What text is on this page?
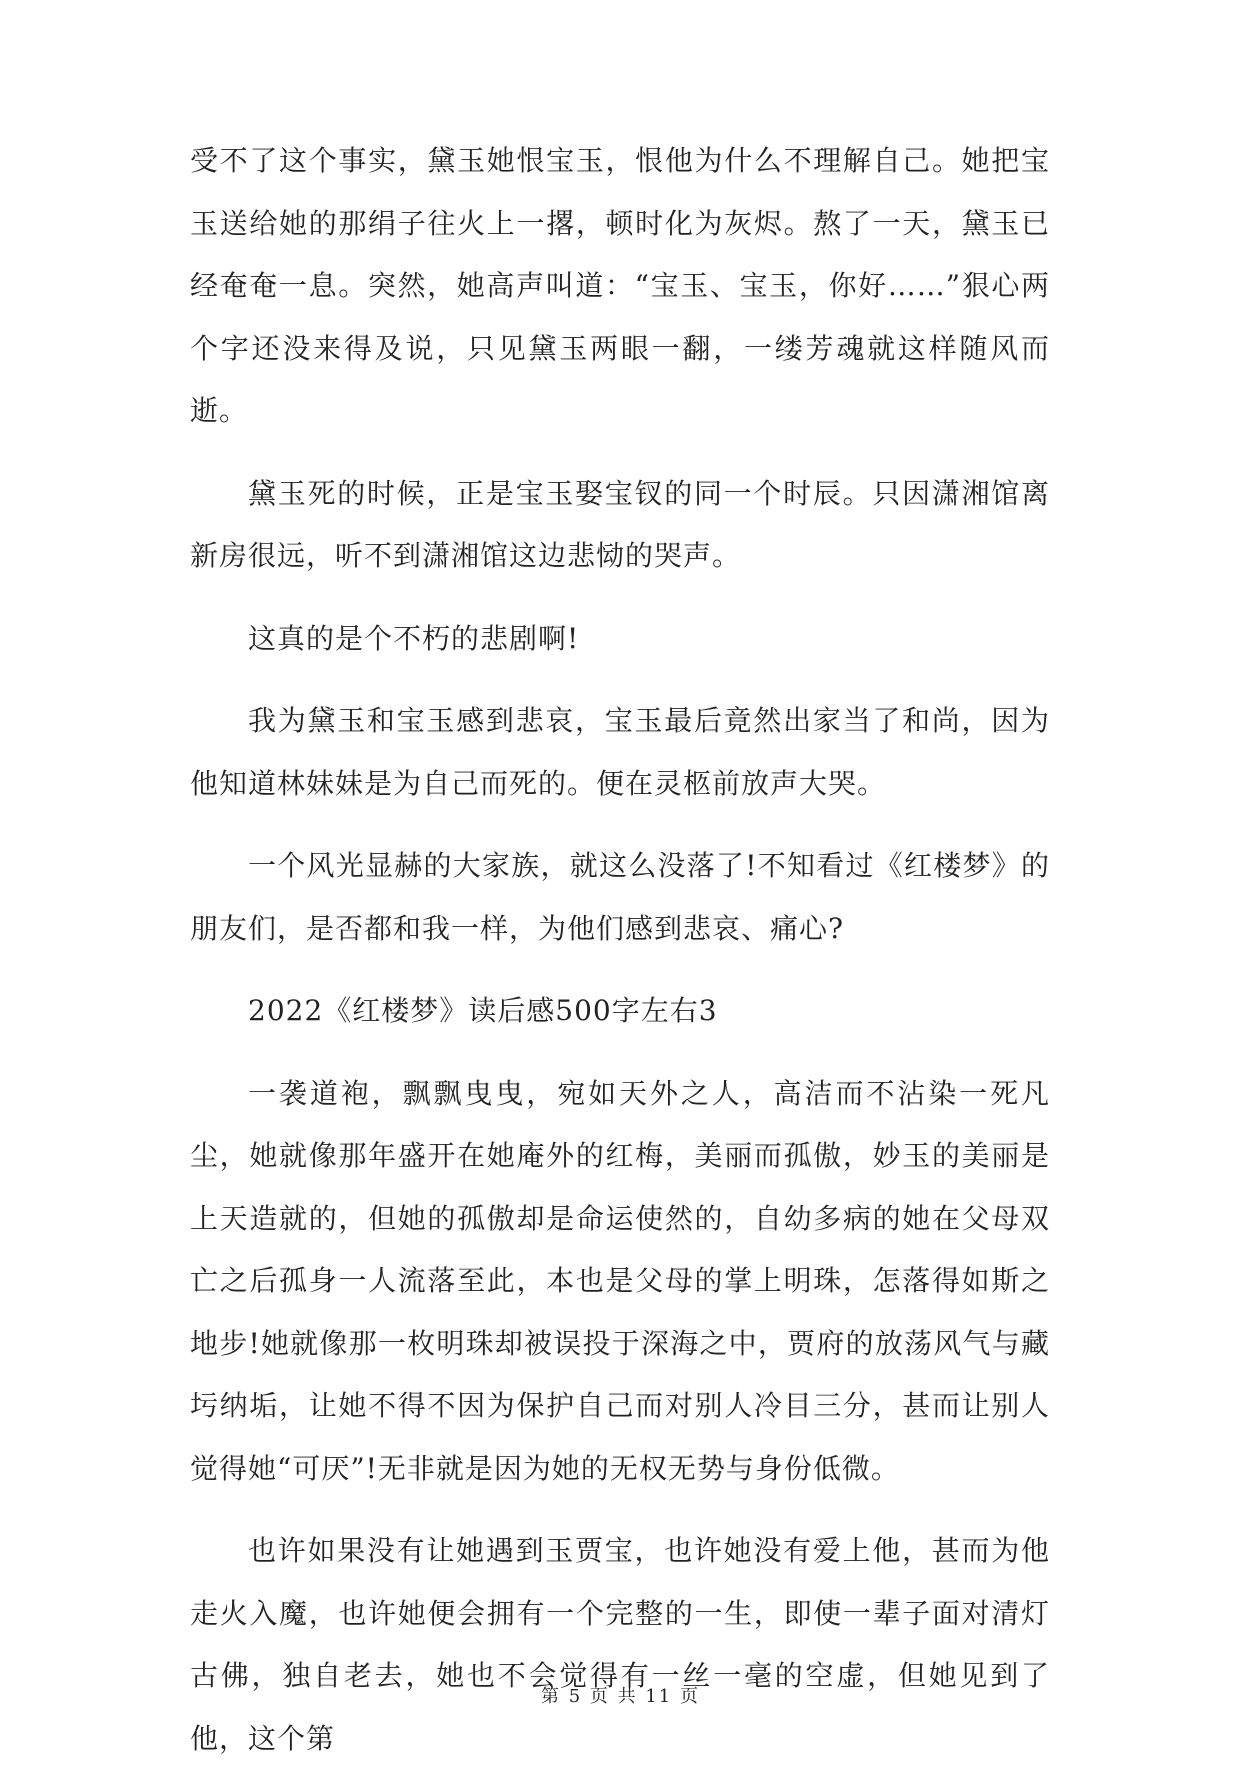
受不了这个事实，黛玉她恨宝玉，恨他为什么不理解自己。她把宝玉送给她的那绢子往火上一撂，顿时化为灰烬。熬了一天，黛玉已经奄奄一息。突然，她高声叫道：“宝玉、宝玉，你好……”狠心两个字还没来得及说，只见黛玉两眼一翻，一缕芳魂就这样随风而逝。

黛玉死的时候，正是宝玉娶宝钗的同一个时辰。只因潇湘馆离新房很远，听不到潇湘馆这边悲恸的哭声。

这真的是个不朽的悲剧啊!

我为黛玉和宝玉感到悲哀，宝玉最后竟然出家当了和尚，因为他知道林妹妹是为自己而死的。便在灵柩前放声大哭。

一个风光显赫的大家族，就这么没落了!不知看过《红楼梦》的朋友们，是否都和我一样，为他们感到悲哀、痛心?

2022《红楼梦》读后感500字左右3

一袭道袍，飘飘曳曳，宛如天外之人，高洁而不沾染一死凡尘，她就像那年盛开在她庵外的红梅，美丽而孤傲，妙玉的美丽是上天造就的，但她的孤傲却是命运使然的，自幼多病的她在父母双亡之后孤身一人流落至此，本也是父母的掌上明珠，怎落得如斯之地步!她就像那一枚明珠却被误投于深海之中，贾府的放荡风气与藏圬纳垢，让她不得不因为保护自己而对别人冷目三分，甚而让别人觉得她“可厌”!无非就是因为她的无权无势与身份低微。

也许如果没有让她遇到玉贾宝，也许她没有爱上他，甚而为他走火入魔，也许她便会拥有一个完整的一生，即使一辈子面对清灯古佛，独自老去，她也不会觉得有一丝一毫的空虚，但她见到了他，这个第

第 5 页 共 11 页
